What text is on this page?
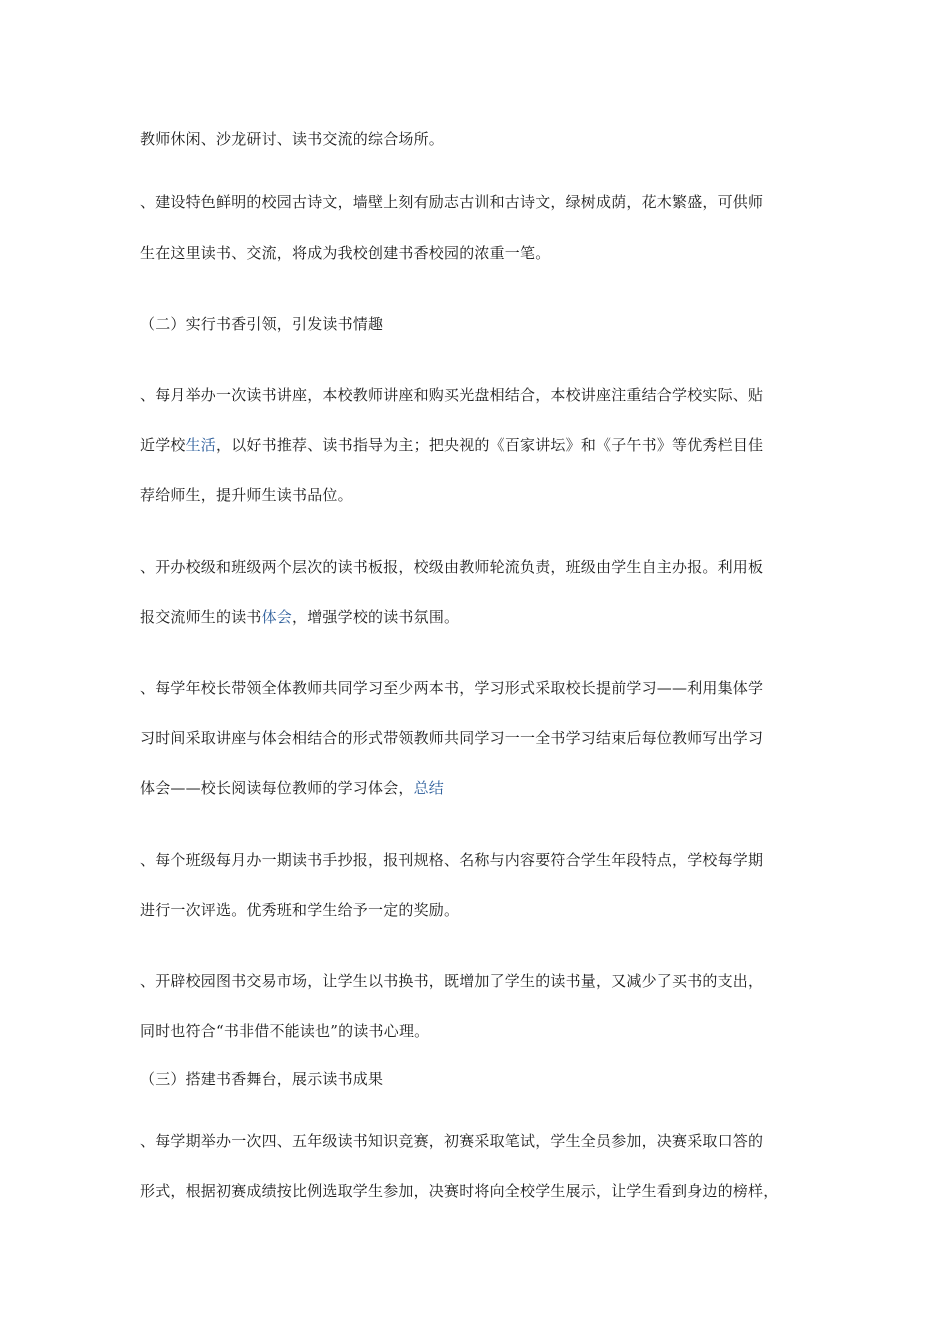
教师休闲、沙龙研讨、读书交流的综合场所。
、建设特色鲜明的校园古诗文，墙壁上刻有励志古训和古诗文，绿树成荫，花木繁盛，可供师
生在这里读书、交流，将成为我校创建书香校园的浓重一笔。
（二）实行书香引领，引发读书情趣
、每月举办一次读书讲座，本校教师讲座和购买光盘相结合，本校讲座注重结合学校实际、贴
近学校生活，以好书推荐、读书指导为主；把央视的《百家讲坛》和《子午书》等优秀栏目佳
荐给师生，提升师生读书品位。
、开办校级和班级两个层次的读书板报，校级由教师轮流负责，班级由学生自主办报。利用板
报交流师生的读书体会，增强学校的读书氛围。
、每学年校长带领全体教师共同学习至少两本书，学习形式采取校长提前学习——利用集体学
习时间采取讲座与体会相结合的形式带领教师共同学习一一全书学习结束后每位教师写出学习
体会——校长阅读每位教师的学习体会，总结
、每个班级每月办一期读书手抄报，报刊规格、名称与内容要符合学生年段特点，学校每学期
进行一次评选。优秀班和学生给予一定的奖励。
、开辟校园图书交易市场，让学生以书换书，既增加了学生的读书量，又减少了买书的支出，
同时也符合“书非借不能读也”的读书心理。
（三）搭建书香舞台，展示读书成果
、每学期举办一次四、五年级读书知识竞赛，初赛采取笔试，学生全员参加，决赛采取口答的
形式，根据初赛成绩按比例选取学生参加，决赛时将向全校学生展示，让学生看到身边的榜样，
